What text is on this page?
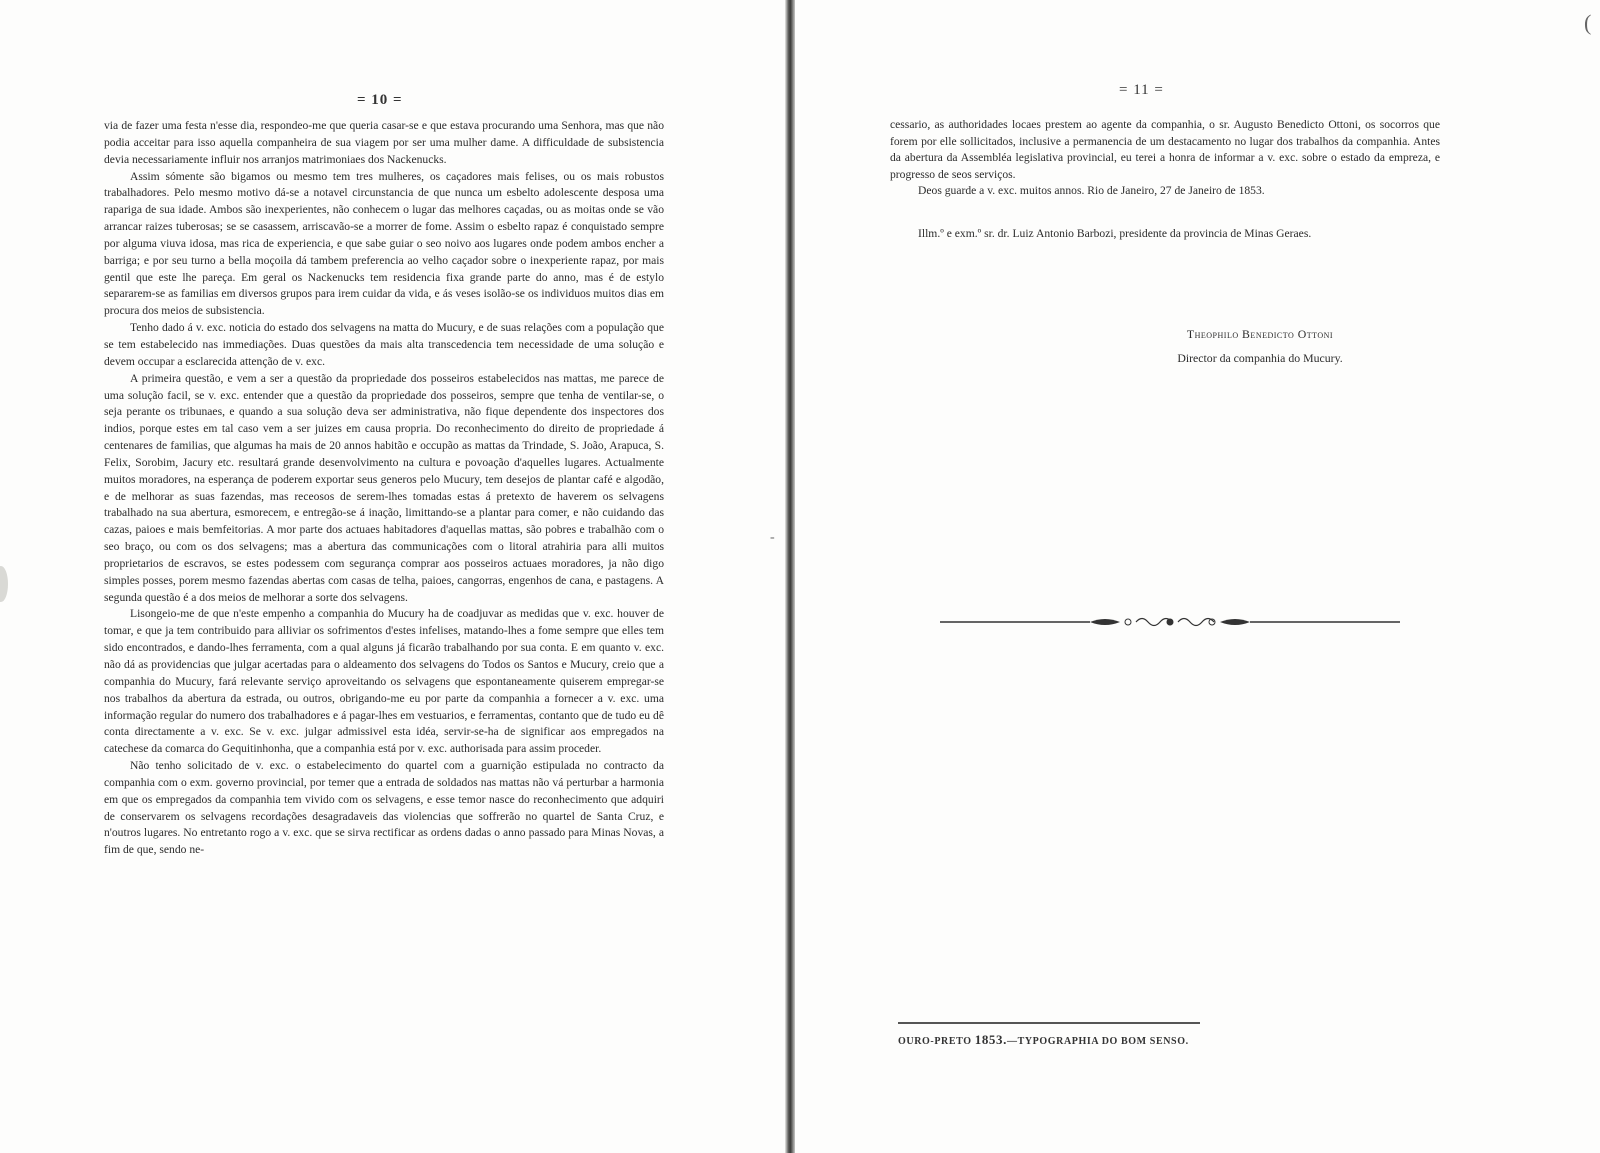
= 10 =

via de fazer uma festa n'esse dia, respondeo-me que queria casar-se e que estava procurando uma Senhora, mas que não podia acceitar para isso aquella companheira de sua viagem por ser uma mulher dame. A difficuldade de subsistencia devia necessariamente influir nos arranjos matrimoniaes dos Nackenucks.

Assim sómente são bigamos ou mesmo tem tres mulheres, os caçadores mais felises, ou os mais robustos trabalhadores. Pelo mesmo motivo dá-se a notavel circunstancia de que nunca um esbelto adolescente desposa uma rapariga de sua idade. Ambos são inexperientes, não conhecem o lugar das melhores caçadas, ou as moitas onde se vão arrancar raizes tuberosas; se se casassem, arriscavão-se a morrer de fome. Assim o esbelto rapaz é conquistado sempre por alguma viuva idosa, mas rica de experiencia, e que sabe guiar o seo noivo aos lugares onde podem ambos encher a barriga; e por seu turno a bella moçoila dá tambem preferencia ao velho caçador sobre o inexperiente rapaz, por mais gentil que este lhe pareça. Em geral os Nackenucks tem residencia fixa grande parte do anno, mas é de estylo separarem-se as familias em diversos grupos para irem cuidar da vida, e ás veses isolão-se os individuos muitos dias em procura dos meios de subsistencia.

Tenho dado á v. exc. noticia do estado dos selvagens na matta do Mucury, e de suas relações com a população que se tem estabelecido nas immediações. Duas questões da mais alta transcedencia tem necessidade de uma solução e devem occupar a esclarecida attenção de v. exc.

A primeira questão, e vem a ser a questão da propriedade dos posseiros estabelecidos nas mattas, me parece de uma solução facil, se v. exc. entender que a questão da propriedade dos posseiros, sempre que tenha de ventilar-se, o seja perante os tribunaes, e quando a sua solução deva ser administrativa, não fique dependente dos inspectores dos indios, porque estes em tal caso vem a ser juizes em causa propria. Do reconhecimento do direito de propriedade á centenares de familias, que algumas ha mais de 20 annos habitão e occupão as mattas da Trindade, S. João, Arapuca, S. Felix, Sorobim, Jacury etc. resultará grande desenvolvimento na cultura e povoação d'aquelles lugares. Actualmente muitos moradores, na esperança de poderem exportar seus generos pelo Mucury, tem desejos de plantar café e algodão, e de melhorar as suas fazendas, mas receosos de serem-lhes tomadas estas á pretexto de haverem os selvagens trabalhado na sua abertura, esmorecem, e entregão-se á inação, limittando-se a plantar para comer, e não cuidando das cazas, paioes e mais bemfeitorias. A mor parte dos actuaes habitadores d'aquellas mattas, são pobres e trabalhão com o seo braço, ou com os dos selvagens; mas a abertura das communicações com o litoral atrahiria para alli muitos proprietarios de escravos, se estes podessem com segurança comprar aos posseiros actuaes moradores, ja não digo simples posses, porem mesmo fazendas abertas com casas de telha, paioes, cangorras, engenhos de cana, e pastagens. A segunda questão é a dos meios de melhorar a sorte dos selvagens.

Lisongeio-me de que n'este empenho a companhia do Mucury ha de coadjuvar as medidas que v. exc. houver de tomar, e que ja tem contribuido para alliviar os sofrimentos d'estes infelises, matando-lhes a fome sempre que elles tem sido encontrados, e dando-lhes ferramenta, com a qual alguns já ficarão trabalhando por sua conta. E em quanto v. exc. não dá as providencias que julgar acertadas para o aldeamento dos selvagens do Todos os Santos e Mucury, creio que a companhia do Mucury, fará relevante serviço aproveitando os selvagens que espontaneamente quiserem empregar-se nos trabalhos da abertura da estrada, ou outros, obrigando-me eu por parte da companhia a fornecer a v. exc. uma informação regular do numero dos trabalhadores e á pagar-lhes em vestuarios, e ferramentas, contanto que de tudo eu dê conta directamente a v. exc. Se v. exc. julgar admissivel esta idéa, servir-se-ha de significar aos empregados na catechese da comarca do Gequitinhonha, que a companhia está por v. exc. authorisada para assim proceder.

Não tenho solicitado de v. exc. o estabelecimento do quartel com a guarnição estipulada no contracto da companhia com o exm. governo provincial, por temer que a entrada de soldados nas mattas não vá perturbar a harmonia em que os empregados da companhia tem vivido com os selvagens, e esse temor nasce do reconhecimento que adquiri de conservarem os selvagens recordações desagradaveis das violencias que soffrerão no quartel de Santa Cruz, e n'outros lugares. No entretanto rogo a v. exc. que se sirva rectificar as ordens dadas o anno passado para Minas Novas, a fim de que, sendo ne-

-
= 11 =

cessario, as authoridades locaes prestem ao agente da companhia, o sr. Augusto Benedicto Ottoni, os socorros que forem por elle sollicitados, inclusive a permanencia de um destacamento no lugar dos trabalhos da companhia. Antes da abertura da Assembléa legislativa provincial, eu terei a honra de informar a v. exc. sobre o estado da empreza, e progresso de seos serviços.

Deos guarde a v. exc. muitos annos. Rio de Janeiro, 27 de Janeiro de 1853.

Illm.º e exm.º sr. dr. Luiz Antonio Barbozi, presidente da provincia de Minas Geraes.
Theophilo Benedicto Ottoni
Director da companhia do Mucury.
OURO-PRETO 1853.—TYPOGRAPHIA DO BOM SENSO.
(
